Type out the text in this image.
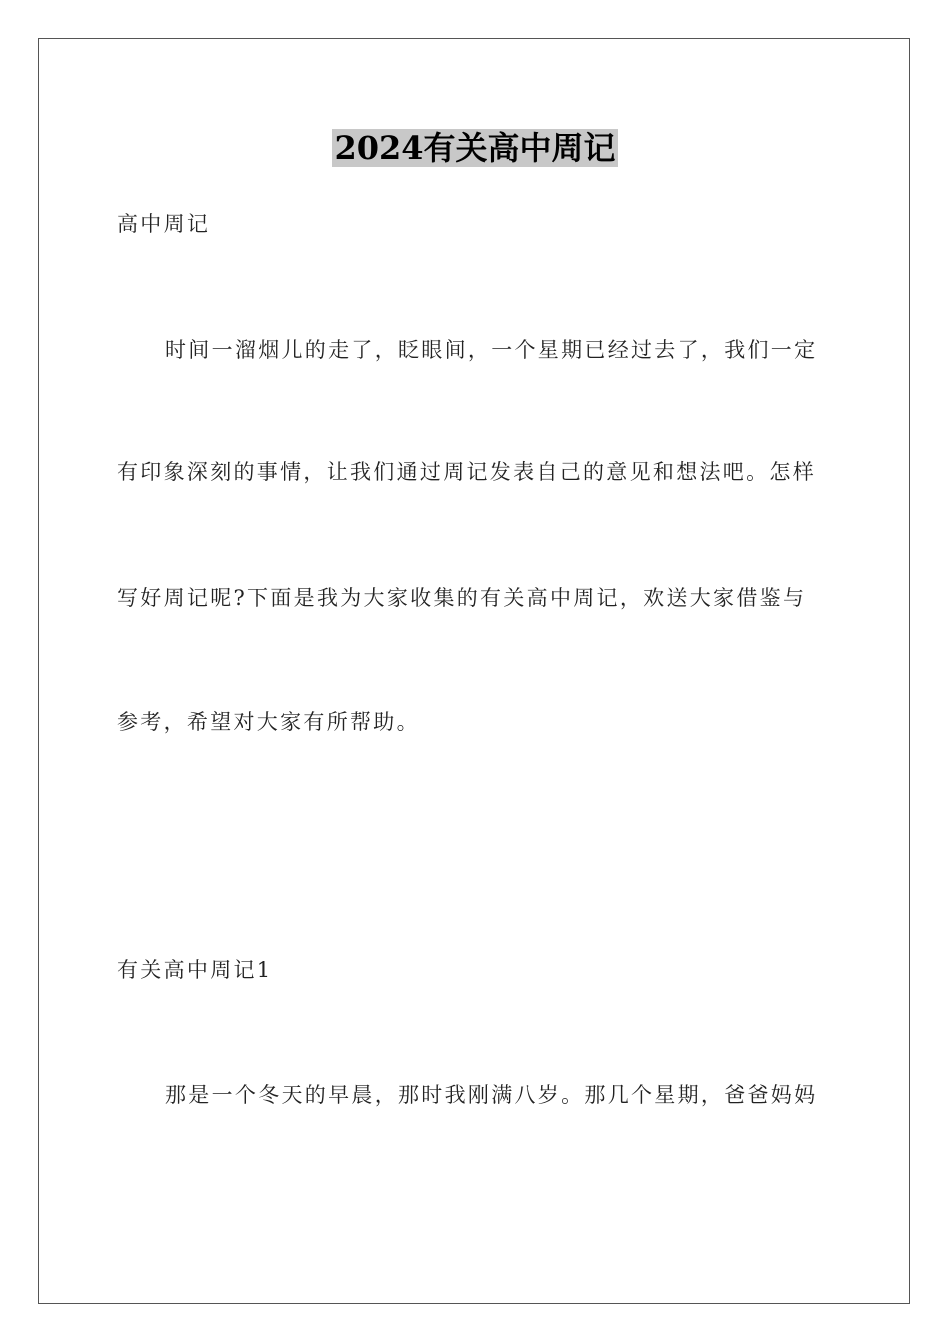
2024有关高中周记
高中周记
时间一溜烟儿的走了，眨眼间，一个星期已经过去了，我们一定
有印象深刻的事情，让我们通过周记发表自己的意见和想法吧。怎样
写好周记呢?下面是我为大家收集的有关高中周记，欢送大家借鉴与
参考，希望对大家有所帮助。
有关高中周记1
那是一个冬天的早晨，那时我刚满八岁。那几个星期，爸爸妈妈
